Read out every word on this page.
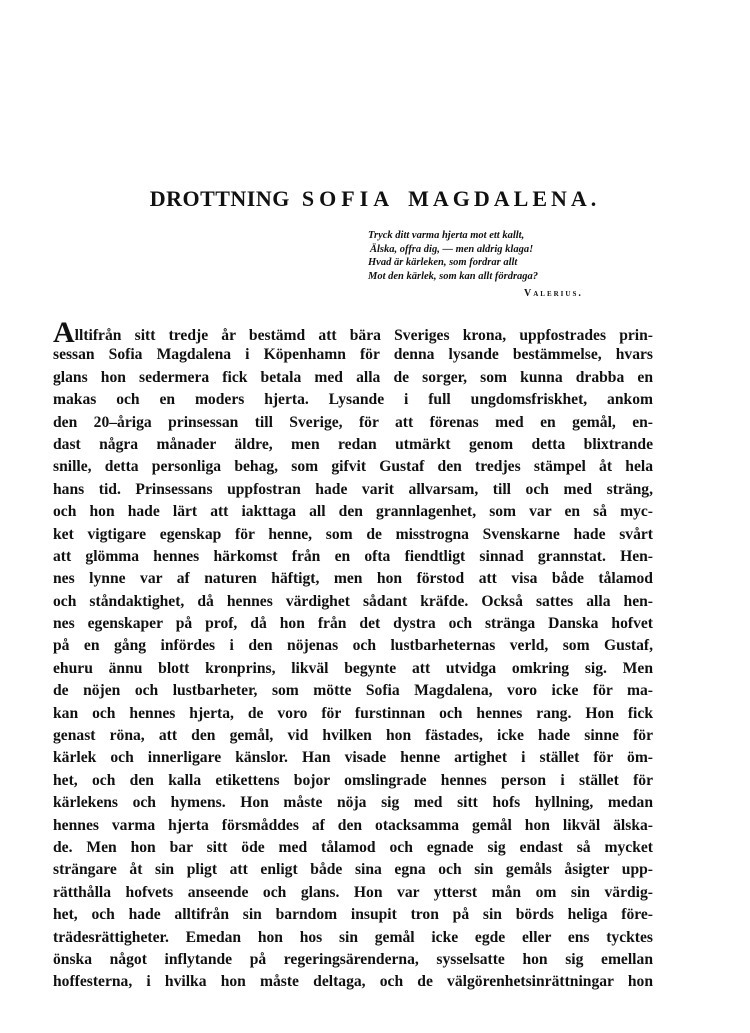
DROTTNING SOFIA MAGDALENA.
Tryck ditt varma hjerta mot ett kallt,
Älska, offra dig, — men aldrig klaga!
Hvad är kärleken, som fordrar allt
Mot den kärlek, som kan allt fördraga?
Valerius.
Alltifrån sitt tredje år bestämd att bära Sveriges krona, uppfostrades prin-
sessan Sofia Magdalena i Köpenhamn för denna lysande bestämmelse, hvars
glans hon sedermera fick betala med alla de sorger, som kunna drabba en
makas och en moders hjerta. Lysande i full ungdomsfriskhet, ankom
den 20–åriga prinsessan till Sverige, för att förenas med en gemål, en-
dast några månader äldre, men redan utmärkt genom detta blixtrande
snille, detta personliga behag, som gifvit Gustaf den tredjes stämpel åt hela
hans tid. Prinsessans uppfostran hade varit allvarsam, till och med sträng,
och hon hade lärt att iakttaga all den grannlagenhet, som var en så myc-
ket vigtigare egenskap för henne, som de misstrogna Svenskarne hade svårt
att glömma hennes härkomst från en ofta fiendtligt sinnad grannstat. Hen-
nes lynne var af naturen häftigt, men hon förstod att visa både tålamod
och ståndaktighet, då hennes värdighet sådant kräfde. Också sattes alla hen-
nes egenskaper på prof, då hon från det dystra och stränga Danska hofvet
på en gång infördes i den nöjenas och lustbarheternas verld, som Gustaf,
ehuru ännu blott kronprins, likväl begynte att utvidga omkring sig. Men
de nöjen och lustbarheter, som mötte Sofia Magdalena, voro icke för ma-
kan och hennes hjerta, de voro för furstinnan och hennes rang. Hon fick
genast röna, att den gemål, vid hvilken hon fästades, icke hade sinne för
kärlek och innerligare känslor. Han visade henne artighet i stället för öm-
het, och den kalla etikettens bojor omslingrade hennes person i stället för
kärlekens och hymens. Hon måste nöja sig med sitt hofs hyllning, medan
hennes varma hjerta försmåddes af den otacksamma gemål hon likväl älska-
de. Men hon bar sitt öde med tålamod och egnade sig endast så mycket
strängare åt sin pligt att enligt både sina egna och sin gemåls åsigter upp-
rätthålla hofvets anseende och glans. Hon var ytterst mån om sin värdig-
het, och hade alltifrån sin barndom insupit tron på sin börds heliga före-
trädesrättigheter. Emedan hon hos sin gemål icke egde eller ens tycktes
önska något inflytande på regeringsärenderna, sysselsatte hon sig emellan
hoffesterna, i hvilka hon måste deltaga, och de välgörenhetsinrättningar hon
